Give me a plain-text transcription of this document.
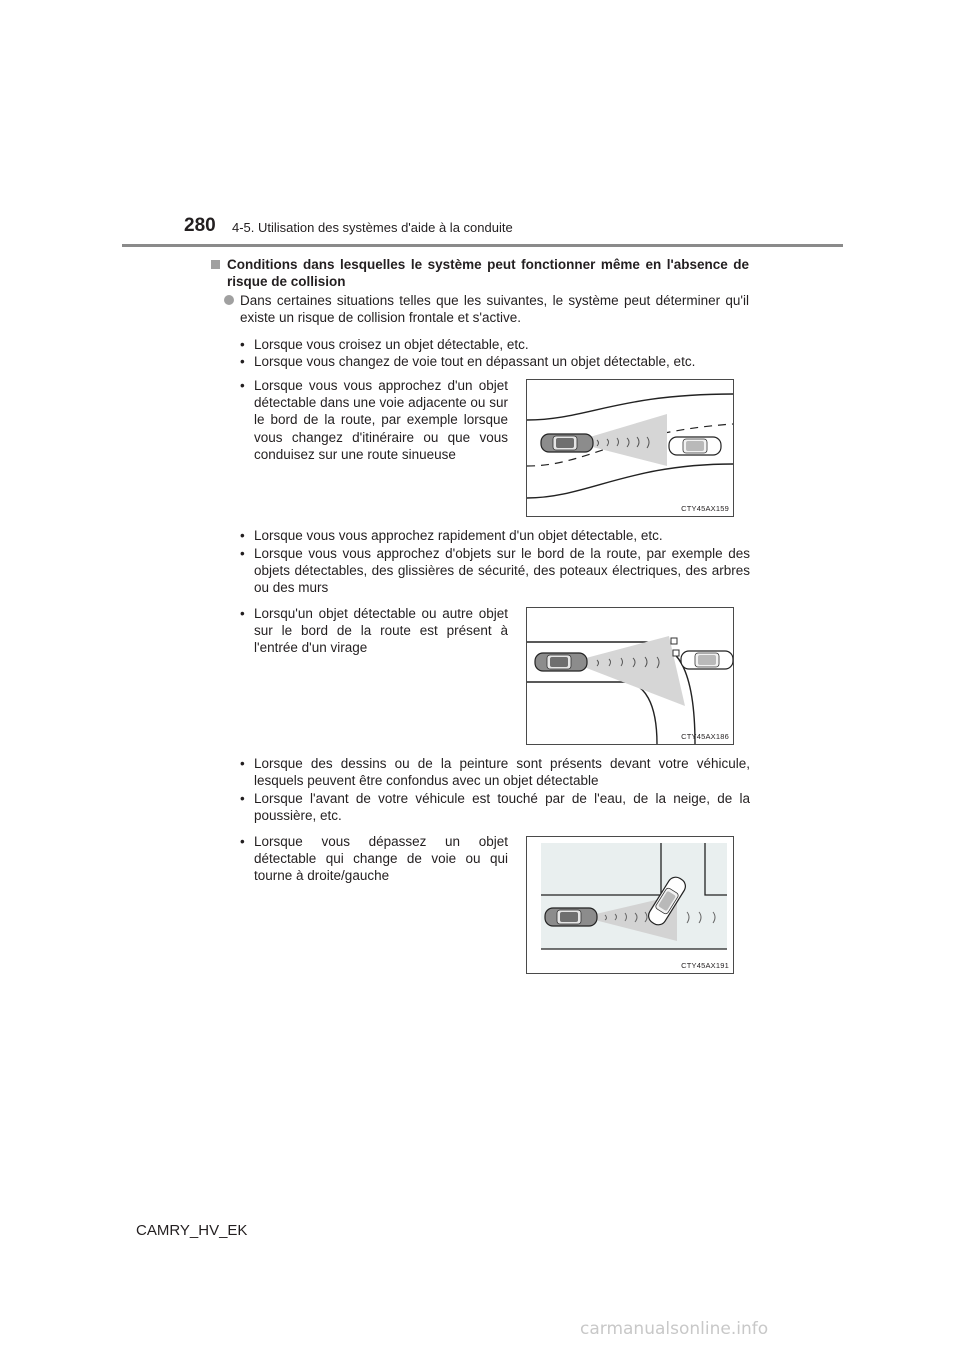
280 4-5. Utilisation des systèmes d'aide à la conduite
Conditions dans lesquelles le système peut fonctionner même en l'absence de risque de collision
Dans certaines situations telles que les suivantes, le système peut déterminer qu'il existe un risque de collision frontale et s'active.
• Lorsque vous croisez un objet détectable, etc.
• Lorsque vous changez de voie tout en dépassant un objet détectable, etc.
• Lorsque vous vous approchez d'un objet détectable dans une voie adjacente ou sur le bord de la route, par exemple lorsque vous changez d'itinéraire ou que vous conduisez sur une route sinueuse
CTY45AX159
• Lorsque vous vous approchez rapidement d'un objet détectable, etc.
• Lorsque vous vous approchez d'objets sur le bord de la route, par exemple des objets détectables, des glissières de sécurité, des poteaux électriques, des arbres ou des murs
• Lorsqu'un objet détectable ou autre objet sur le bord de la route est présent à l'entrée d'un virage
CTY45AX186
• Lorsque des dessins ou de la peinture sont présents devant votre véhicule, lesquels peuvent être confondus avec un objet détectable
• Lorsque l'avant de votre véhicule est touché par de l'eau, de la neige, de la poussière, etc.
• Lorsque vous dépassez un objet détectable qui change de voie ou qui tourne à droite/gauche
CTY45AX191
CAMRY_HV_EK
carmanualsonline.info
